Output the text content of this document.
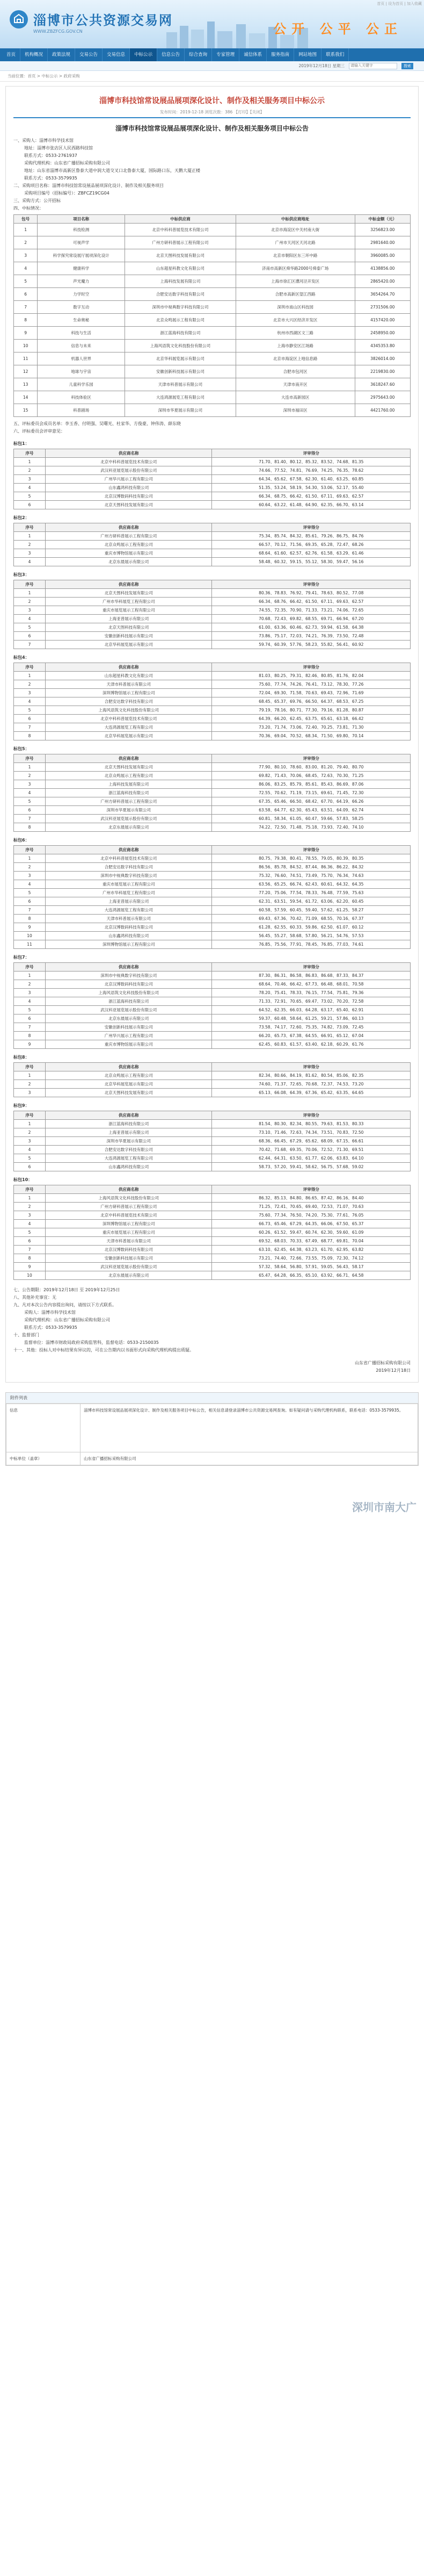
首页 | 设为首页 | 加入收藏
淄博市公共资源交易网
WWW.ZBZFCG.GOV.CN	公开 公平 公正
首页	机构概况	政策法规	交易公告	交易信息	中标公示	信息公告	综合查询	专家管理	诚信体系	服务指南	网站地图	联系我们
2019年12月18日 星期三
请输入关键字	搜索
当前位置：首页 > 中标公示 > 政府采购
淄博市科技馆常设展品展项深化设计、制作及相关服务项目中标公示
发布时间：2019-12-18 浏览次数：386 【打印】【关闭】
淄博市科技馆常设展品展项深化设计、制作及相关服务项目中标公告
一、采购人：淄博市科学技术馆
地址：淄博市张店区人民西路科技馆
联系方式：0533-2761937
采购代理机构：山东省广播招标采购有限公司
地址：山东省淄博市高新区鲁泰大道中润大道交叉口北鲁泰大厦，国际路口东，天鹅大厦正楼
联系方式：0533-3579935
二、采购项目名称：淄博市科技馆常设展品展项深化设计、制作及相关服务项目
采购项目编号（招标编号）：ZBFCZ19CG04
三、采购方式：公开招标
四、中标情况：
包号	项目名称	中标供应商	中标供应商地址	中标金额（元）
1	科技检测	北京中科科普展览技术有限公司	北京市海淀区中关村南大街	3256823.00
2	可视声学	广州方研科普展示工程有限公司	广州市天河区天河北路	2981640.00
3	科学探究常设展厅展项深化设计	北京天图科技发展有限公司	北京市朝阳区东三环中路	3960085.00
4	健康科学	山东超星科教文化有限公司	济南市高新区舜华路2000号舜泰广场	4138856.00
5	声光魔力	上海科技发展有限公司	上海市徐汇区漕河泾开发区	2865420.00
6	力学时空	合肥安达数字科技有限公司	合肥市高新区望江西路	3654264.70
7	数字互动	深圳市中视典数字科技有限公司	深圳市南山区科技园	2731506.00
8	生命奥秘	北京众鸣展示工程有限公司	北京市大兴区经济开发区	4157420.00
9	科技与生活	浙江蓝海科技有限公司	杭州市西湖区文三路	2458950.00
10	信息与未来	上海风语筑文化科技股份有限公司	上海市静安区江场路	4345353.80
11	机器人世界	北京华科展览展示有限公司	北京市海淀区上地信息路	3826014.00
12	地球与宇宙	安徽创新科技展示有限公司	合肥市包河区	2219830.00
13	儿童科学乐园	天津市科普展示有限公司	天津市南开区	3618247.60
14	科技体验区	大连鸿源展览工程有限公司	大连市高新园区	2975643.00
15	科普剧场	深圳市华夏展示有限公司	深圳市福田区	4421760.00
五、评标委员会成员名单：李玉香、付明强、吴曙光、杜家华、方俊豪、钟伟涛、薛东晓
六、评标委员会评审意见：
标包1：
序号	供应商名称	评审得分
1	北京中科科普展览技术有限公司	71.70、81.40、80.12、85.32、83.52、74.68、81.35
2	武汉科亚展览展示股份有限公司	74.66、77.52、74.81、76.69、74.25、76.35、78.62
3	广州华兴展示工程有限公司	64.34、65.62、67.58、62.30、61.40、63.25、60.85
4	山东鑫鸿科技有限公司	51.35、53.24、58.19、54.30、53.06、52.17、55.40
5	北京汉博数码科技有限公司	66.34、68.75、66.42、61.50、67.11、69.63、62.57
6	北京天图科技发展有限公司	60.64、63.22、61.48、64.90、62.35、66.70、63.14
标包2：
序号	供应商名称	评审得分
1	广州方研科普展示工程有限公司	75.34、85.74、84.32、85.61、79.26、86.75、84.76
2	北京众鸣展示工程有限公司	66.57、70.12、71.56、69.35、65.28、72.47、68.26
3	重庆市博物馆展示有限公司	68.64、61.60、62.57、62.76、61.58、63.29、61.46
4	北京东晨展示有限公司	58.48、60.32、59.15、55.12、58.30、59.47、56.16
标包3：
序号	供应商名称	评审得分
1	北京天图科技发展有限公司	80.36、78.83、76.92、79.41、78.63、80.52、77.08
2	广州市华科展览工程有限公司	66.34、68.76、66.42、61.50、67.11、69.63、62.57
3	重庆市展览展示工程有限公司	74.55、72.35、70.90、71.33、73.21、74.06、72.65
4	上海亚普展示有限公司	70.68、72.43、69.82、68.55、69.71、66.94、67.20
5	北京天图科技有限公司	61.00、63.36、60.46、62.73、59.94、61.58、64.38
6	安徽创新科技展示有限公司	73.86、75.17、72.03、74.21、76.39、73.50、72.48
7	北京华科展览展示有限公司	59.74、60.39、57.76、58.23、55.82、56.41、60.92
标包4：
序号	供应商名称	评审得分
1	山东超星科教文化有限公司	81.03、80.25、79.31、82.46、80.85、81.76、82.04
2	天津市科普展示有限公司	75.60、77.74、74.26、76.41、73.12、78.30、77.26
3	深圳博物馆展示工程有限公司	72.04、69.30、71.58、70.63、69.43、72.96、71.69
4	合肥安达数字科技有限公司	68.45、65.37、69.76、66.50、64.37、68.53、67.25
5	上海风语筑文化科技股份有限公司	79.19、78.16、80.71、77.30、79.16、81.28、80.87
6	北京中科科普展览技术有限公司	64.39、66.20、62.45、63.75、65.61、63.18、66.42
7	大连鸿源展览工程有限公司	73.20、71.74、73.06、72.40、70.25、73.81、71.30
8	北京华科展览展示有限公司	70.36、69.04、70.52、68.34、71.50、69.80、70.14
标包5：
序号	供应商名称	评审得分
1	北京天图科技发展有限公司	77.90、80.10、78.60、83.00、81.20、79.40、80.70
2	北京众鸣展示工程有限公司	69.82、71.43、70.06、68.45、72.63、70.30、71.25
3	上海科技发展有限公司	86.06、83.25、85.79、85.61、85.43、86.69、87.06
4	浙江蓝海科技有限公司	72.55、70.62、71.19、73.15、69.61、71.45、72.30
5	广州方研科普展示工程有限公司	67.35、65.46、66.50、68.42、67.70、64.19、66.26
6	深圳市华夏展示有限公司	63.58、64.77、62.30、65.43、63.51、64.09、62.74
7	武汉科亚展览展示股份有限公司	60.81、58.34、61.05、60.47、59.66、57.83、58.25
8	北京东晨展示有限公司	74.22、72.50、71.48、75.18、73.93、72.40、74.10
标包6：
序号	供应商名称	评审得分
1	北京中科科普展览技术有限公司	80.75、79.38、80.41、78.55、79.05、80.39、80.35
2	合肥安达数字科技有限公司	86.56、85.78、84.52、87.44、86.36、86.22、84.32
3	深圳市中视典数字科技有限公司	75.32、76.60、74.51、73.49、75.70、76.34、74.63
4	重庆市展览展示工程有限公司	63.56、65.25、66.74、62.43、60.61、64.32、64.35
5	广州市华科展览工程有限公司	77.20、75.06、77.54、78.33、76.48、77.59、75.63
6	上海亚普展示有限公司	62.31、63.51、59.54、61.72、63.06、62.20、60.45
7	大连鸿源展览工程有限公司	60.58、57.59、60.45、59.40、57.62、61.25、58.27
8	天津市科普展示有限公司	69.43、67.36、70.42、71.09、68.55、70.16、67.37
9	北京汉博数码科技有限公司	61.28、62.55、60.33、59.86、62.50、61.07、60.12
10	山东鑫鸿科技有限公司	56.45、55.27、58.68、57.80、56.21、54.76、57.53
11	深圳博物馆展示工程有限公司	76.85、75.56、77.91、78.45、76.85、77.03、74.61
标包7：
序号	供应商名称	评审得分
1	深圳市中视典数字科技有限公司	87.30、86.31、86.58、86.83、86.68、87.33、84.37
2	北京汉博数码科技有限公司	68.64、70.46、66.42、67.73、66.48、68.01、70.58
3	上海风语筑文化科技股份有限公司	78.20、75.41、78.33、76.15、77.54、75.81、79.36
4	浙江蓝海科技有限公司	71.33、72.91、70.65、69.47、73.02、70.20、72.58
5	武汉科亚展览展示股份有限公司	64.52、62.35、66.03、64.28、63.17、65.40、62.91
6	北京东晨展示有限公司	59.37、60.48、58.64、61.25、59.21、57.86、60.13
7	安徽创新科技展示有限公司	73.58、74.17、72.60、75.35、74.82、73.09、72.45
8	广州华兴展示工程有限公司	66.20、65.73、67.38、64.55、66.91、65.12、67.04
9	重庆市博物馆展示有限公司	62.45、60.83、61.57、63.40、62.18、60.29、61.76
标包8：
序号	供应商名称	评审得分
1	北京众鸣展示工程有限公司	82.34、80.66、84.19、81.62、80.54、85.06、82.35
2	北京华科展览展示有限公司	74.60、71.37、72.65、70.68、72.37、74.53、73.20
3	北京天图科技发展有限公司	65.13、66.08、64.39、67.36、65.42、63.35、64.65
标包9：
序号	供应商名称	评审得分
1	浙江蓝海科技有限公司	81.54、80.30、82.34、80.55、79.63、81.53、80.33
2	上海亚普展示有限公司	73.10、71.46、72.63、74.34、73.51、70.83、72.50
3	深圳市华夏展示有限公司	68.36、66.45、67.29、65.62、68.09、67.15、66.61
4	合肥安达数字科技有限公司	70.42、71.68、69.35、70.06、72.52、71.30、69.51
5	大连鸿源展览工程有限公司	62.44、64.31、63.50、61.77、62.06、63.83、64.10
6	山东鑫鸿科技有限公司	58.73、57.20、59.41、58.62、56.75、57.68、59.02
标包10：
序号	供应商名称	评审得分
1	上海风语筑文化科技股份有限公司	86.32、85.13、84.80、86.65、87.42、86.16、84.40
2	广州方研科普展示工程有限公司	71.25、72.41、70.65、69.40、72.53、71.07、70.63
3	北京中科科普展览技术有限公司	75.60、77.34、76.50、74.20、75.30、77.61、76.05
4	深圳博物馆展示工程有限公司	66.73、65.46、67.29、64.35、66.06、67.50、65.37
5	重庆市展览展示工程有限公司	60.26、61.52、59.47、60.74、62.30、59.60、61.09
6	天津市科普展示有限公司	69.52、68.03、70.33、67.49、68.77、69.81、70.04
7	北京汉博数码科技有限公司	63.10、62.45、64.38、63.23、61.70、62.95、63.82
8	安徽创新科技展示有限公司	73.21、74.40、72.66、73.55、75.09、72.30、74.12
9	武汉科亚展览展示股份有限公司	57.32、58.64、56.80、57.91、59.05、56.43、58.17
10	北京东晨展示有限公司	65.47、64.28、66.35、65.10、63.92、66.71、64.58
七、公告期限：2019年12月18日 至 2019年12月25日
八、其他补充事宜：无
九、凡对本次公告内容提出询问，请按以下方式联系。
采购人：淄博市科学技术馆
采购代理机构：山东省广播招标采购有限公司
联系方式：0533-3579935
十、监督部门
监督单位：淄博市财政局政府采购监管科，监督电话：0533-2150035
十一、其他：投标人对中标结果有异议的，可在公告期内以书面形式向采购代理机构提出质疑。
山东省广播招标采购有限公司
2019年12月18日
附件列表
信息	淄博市科技馆常设展品展项深化设计、制作及相关服务项目中标公告，相关信息请登录淄博市公共资源交易网查询。如有疑问请与采购代理机构联系，联系电话：0533-3579935。
中标单位（盖章）	山东省广播招标采购有限公司
深圳市南大广
